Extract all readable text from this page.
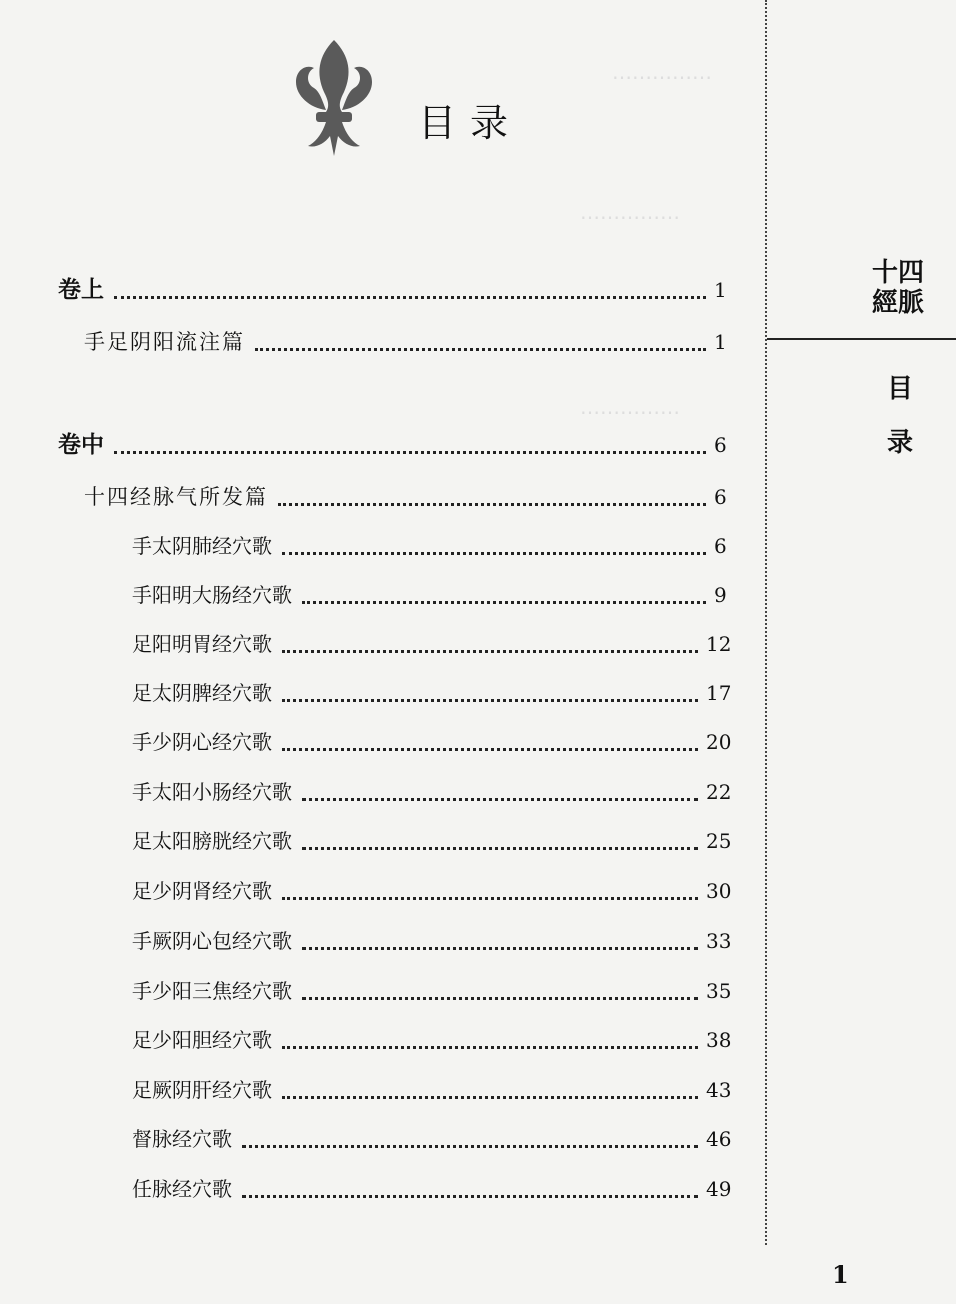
……………
……………
……………
目录
卷上	1
手足阴阳流注篇	1
卷中	6
十四经脉气所发篇	6
手太阴肺经穴歌	6
手阳明大肠经穴歌	9
足阳明胃经穴歌	12
足太阴脾经穴歌	17
手少阴心经穴歌	20
手太阳小肠经穴歌	22
足太阳膀胱经穴歌	25
足少阴肾经穴歌	30
手厥阴心包经穴歌	33
手少阳三焦经穴歌	35
足少阳胆经穴歌	38
足厥阴肝经穴歌	43
督脉经穴歌	46
任脉经穴歌	49
十四
經脈
目录
1
